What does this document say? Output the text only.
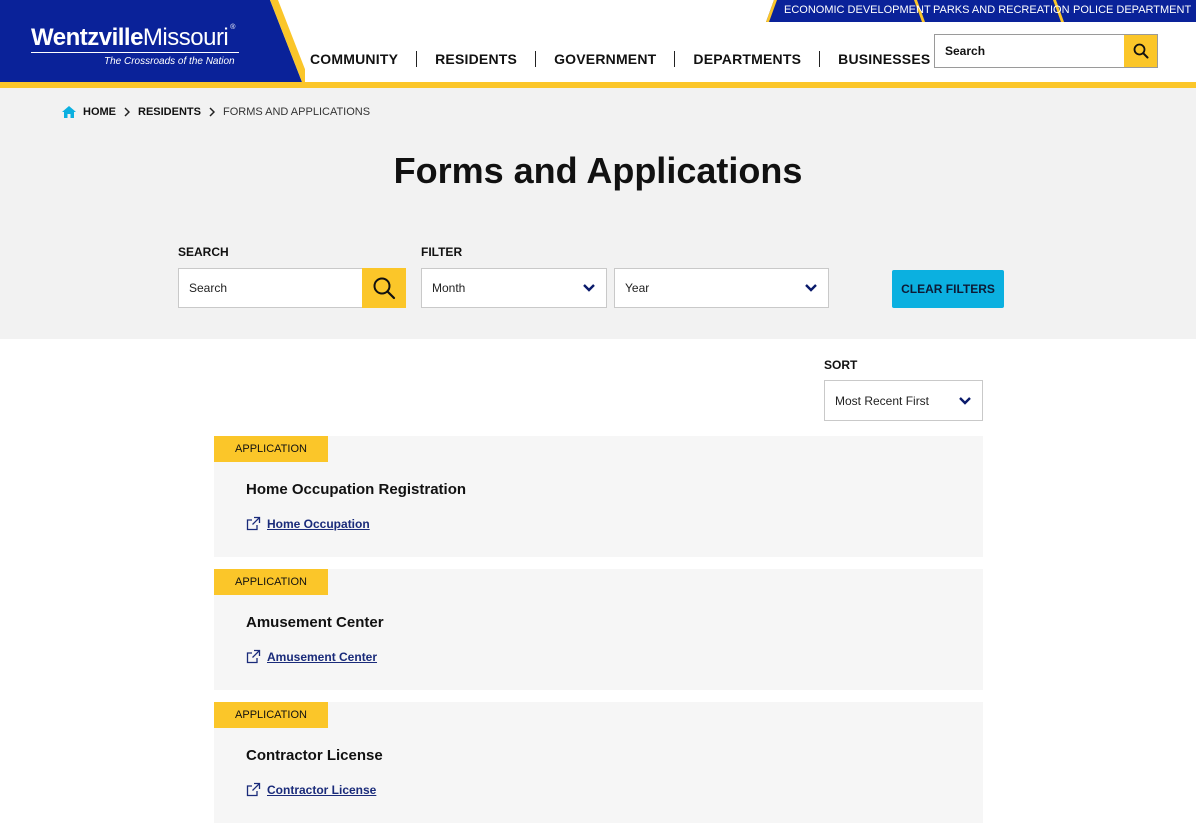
WentzvilleMissouri ®
The Crossroads of the Nation
ECONOMIC DEVELOPMENT PARKS AND RECREATION POLICE DEPARTMENT
COMMUNITY	RESIDENTS	GOVERNMENT	DEPARTMENTS	BUSINESSES
Search
HOME RESIDENTS FORMS AND APPLICATIONS
Forms and Applications
SEARCH
Search
FILTER
Month	Year	CLEAR FILTERS
SORT
Most Recent First
APPLICATION
Home Occupation Registration
Home Occupation
APPLICATION
Amusement Center
Amusement Center
APPLICATION
Contractor License
Contractor License
